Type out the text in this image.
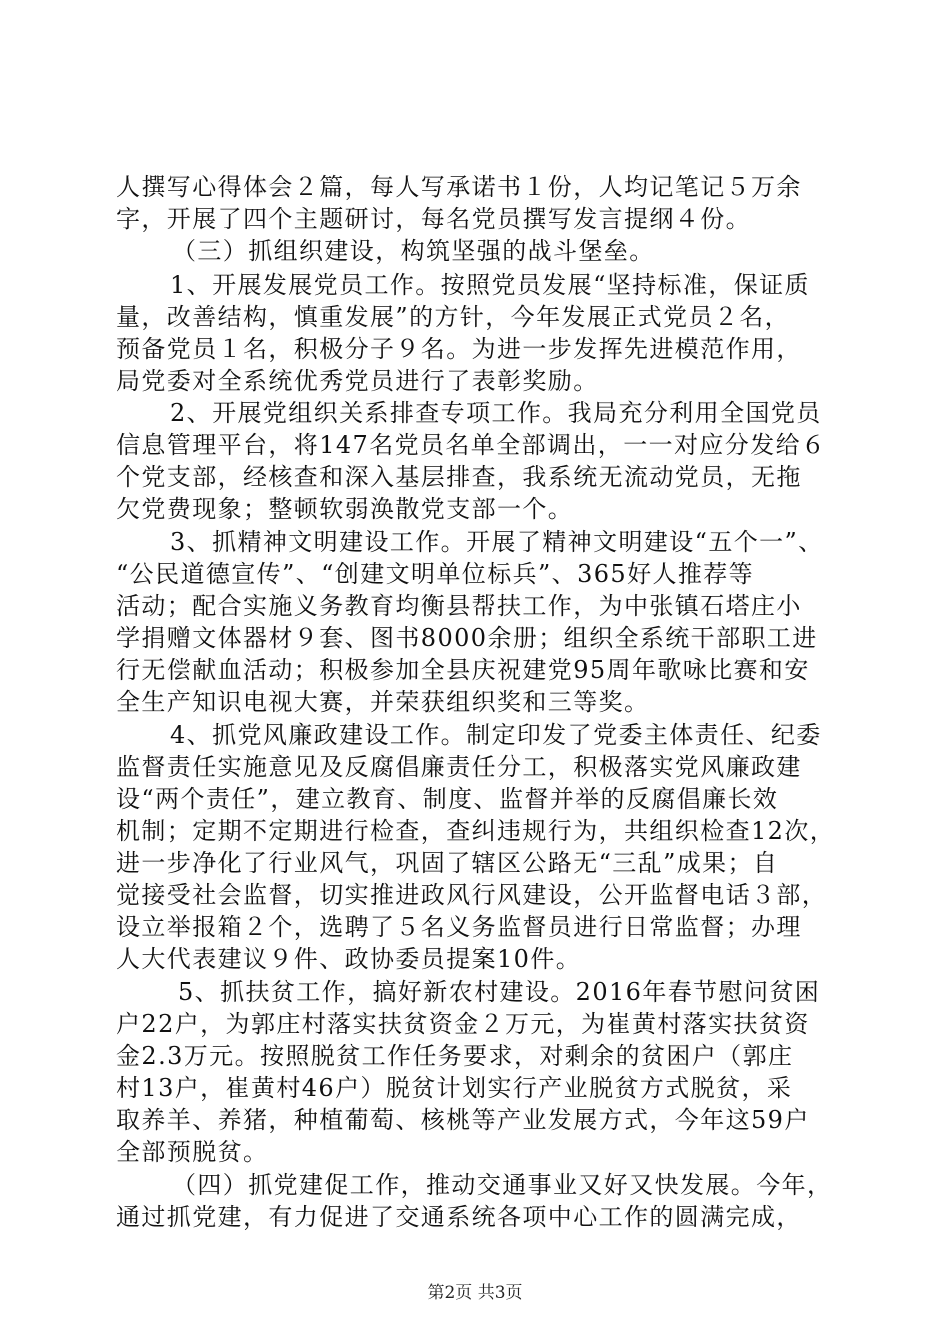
人撰写心得体会２篇，每人写承诺书１份，人均记笔记５万余
字，开展了四个主题研讨，每名党员撰写发言提纲４份。
（三）抓组织建设，构筑坚强的战斗堡垒。
1、开展发展党员工作。按照党员发展“坚持标准，保证质
量，改善结构，慎重发展”的方针，今年发展正式党员２名，
预备党员１名，积极分子９名。为进一步发挥先进模范作用，
局党委对全系统优秀党员进行了表彰奖励。
2、开展党组织关系排查专项工作。我局充分利用全国党员
信息管理平台，将147名党员名单全部调出，一一对应分发给６
个党支部，经核查和深入基层排查，我系统无流动党员，无拖
欠党费现象；整顿软弱涣散党支部一个。
3、抓精神文明建设工作。开展了精神文明建设“五个一”、
“公民道德宣传”、“创建文明单位标兵”、365好人推荐等
活动；配合实施义务教育均衡县帮扶工作，为中张镇石塔庄小
学捐赠文体器材９套、图书8000余册；组织全系统干部职工进
行无偿献血活动；积极参加全县庆祝建党95周年歌咏比赛和安
全生产知识电视大赛，并荣获组织奖和三等奖。
4、抓党风廉政建设工作。制定印发了党委主体责任、纪委
监督责任实施意见及反腐倡廉责任分工，积极落实党风廉政建
设“两个责任”，建立教育、制度、监督并举的反腐倡廉长效
机制；定期不定期进行检查，查纠违规行为，共组织检查12次，
进一步净化了行业风气，巩固了辖区公路无“三乱”成果；自
觉接受社会监督，切实推进政风行风建设，公开监督电话３部，
设立举报箱２个，选聘了５名义务监督员进行日常监督；办理
人大代表建议９件、政协委员提案10件。
5、抓扶贫工作，搞好新农村建设。2016年春节慰问贫困
户22户，为郭庄村落实扶贫资金２万元，为崔黄村落实扶贫资
金2.3万元。按照脱贫工作任务要求，对剩余的贫困户（郭庄
村13户，崔黄村46户）脱贫计划实行产业脱贫方式脱贫，采
取养羊、养猪，种植葡萄、核桃等产业发展方式，今年这59户
全部预脱贫。
（四）抓党建促工作，推动交通事业又好又快发展。今年，
通过抓党建，有力促进了交通系统各项中心工作的圆满完成，
第2页 共3页
